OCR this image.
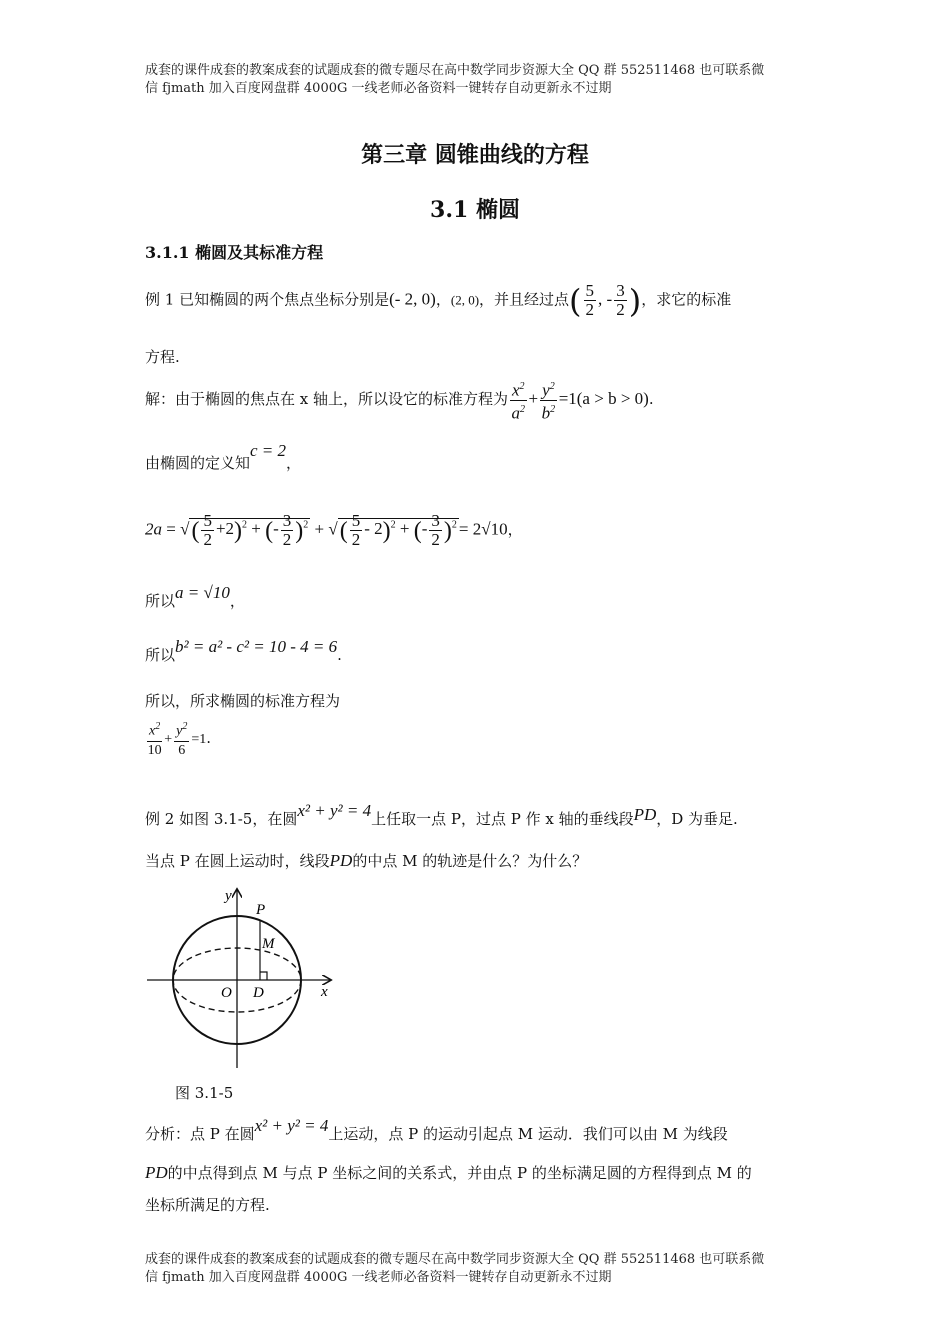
成套的课件成套的教案成套的试题成套的微专题尽在高中数学同步资源大全 QQ 群 552511468 也可联系微
信 fjmath 加入百度网盘群 4000G 一线老师必备资料一键转存自动更新永不过期
第三章 圆锥曲线的方程
3.1 椭圆
3.1.1 椭圆及其标准方程
例 1 已知椭圆的两个焦点坐标分别是(- 2, 0)，(2, 0)，并且经过点( $\frac{5}{2}$ , - $\frac{3}{2}$ )，求它的标准
方程.
解：由于椭圆的焦点在 x 轴上，所以设它的标准方程为 $\frac{x^2}{a^2} + \frac{y^2}{b^2} =1(a > b > 0)$.
由椭圆的定义知c = 2，
2a = √( $\frac{5}{2} +2)^2$ + (- $\frac{3}{2} )^2$ + √( $\frac{5}{2} - 2)^2$ + (- $\frac{3}{2} )^2 = 2√10$，
所以a = √10，
所以b² = a² - c² = 10 - 4 = 6.
所以，所求椭圆的标准方程为
$\frac{x^2}{10} + \frac{y^2}{6} =1$.
例 2 如图 3.1-5，在圆x² + y² = 4上任取一点 P，过点 P 作 x 轴的垂线段PD，D 为垂足.
当点 P 在圆上运动时，线段PD的中点 M 的轨迹是什么？为什么？
y
x
O D
P
M
图 3.1-5
分析：点 P 在圆x² + y² = 4上运动，点 P 的运动引起点 M 运动．我们可以由 M 为线段
PD的中点得到点 M 与点 P 坐标之间的关系式，并由点 P 的坐标满足圆的方程得到点 M 的
坐标所满足的方程.
成套的课件成套的教案成套的试题成套的微专题尽在高中数学同步资源大全 QQ 群 552511468 也可联系微
信 fjmath 加入百度网盘群 4000G 一线老师必备资料一键转存自动更新永不过期
